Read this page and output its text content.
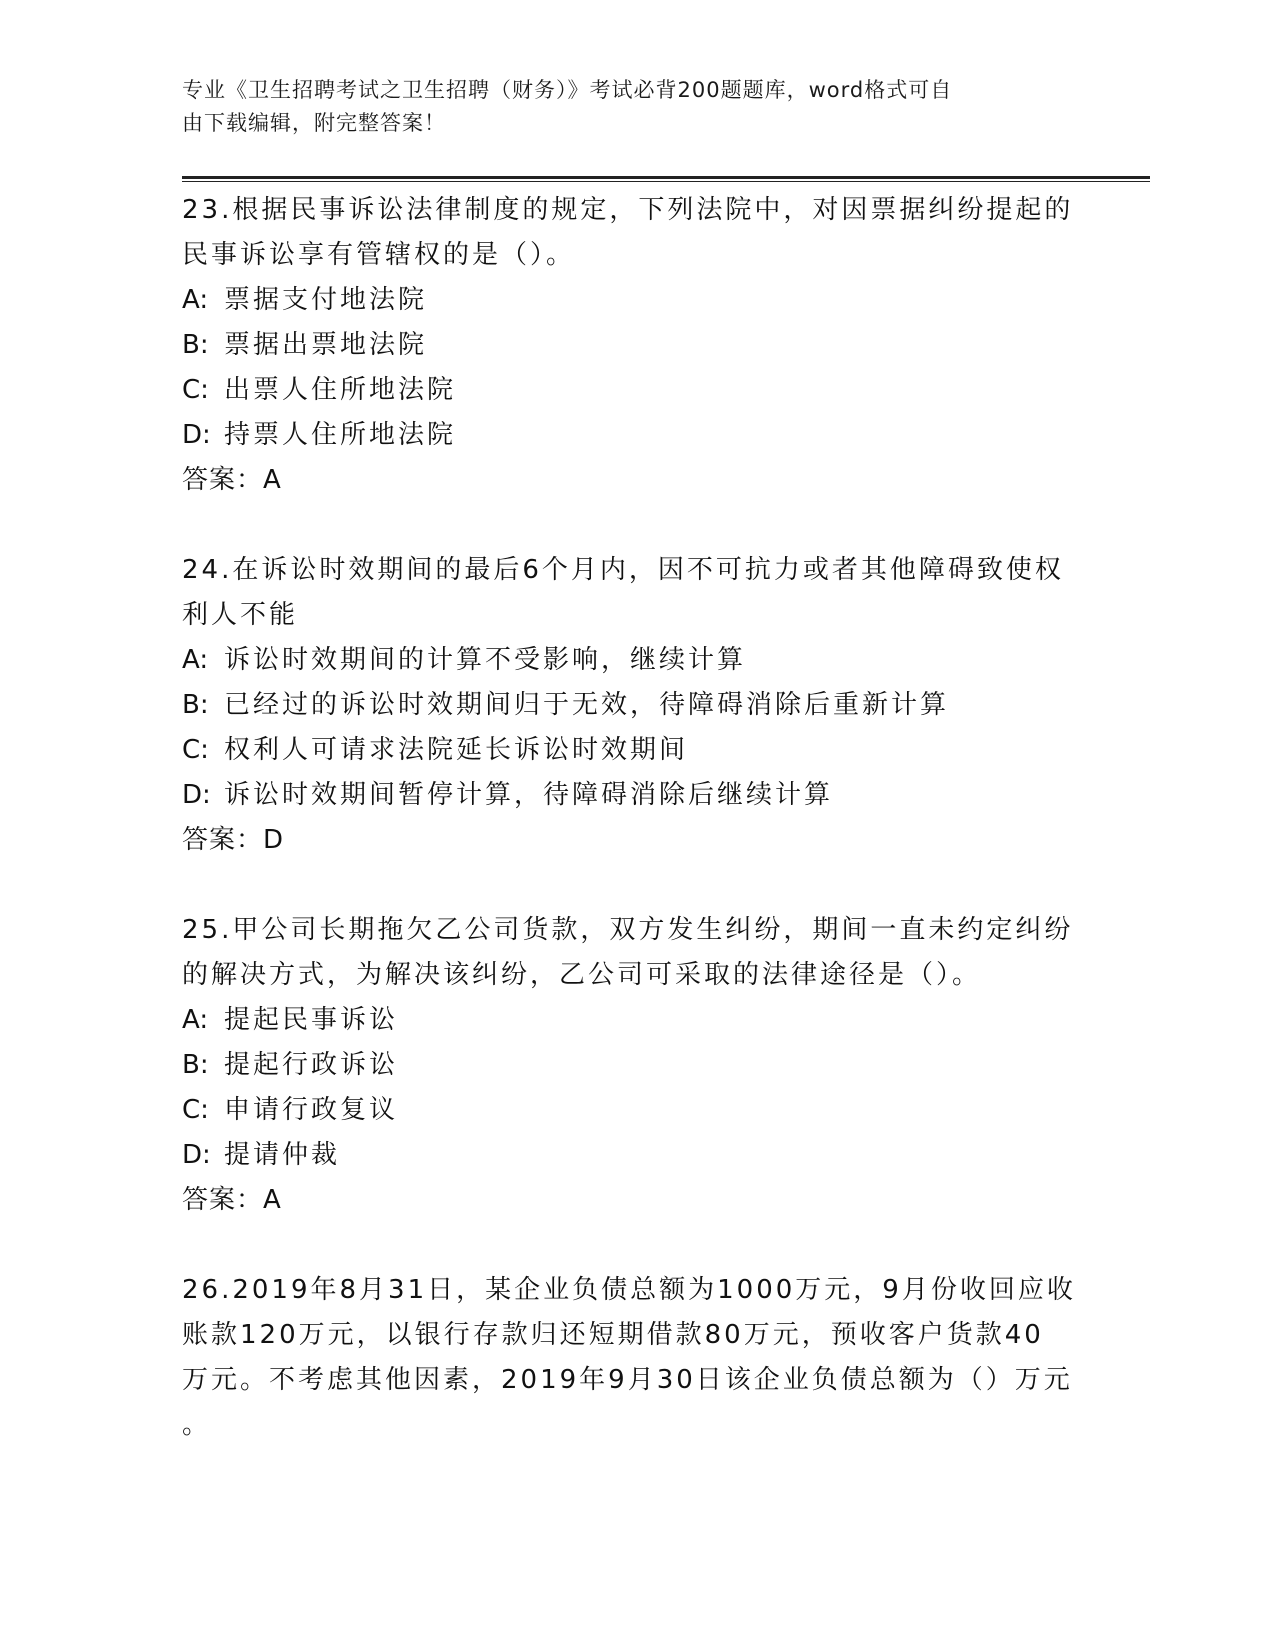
专业《卫生招聘考试之卫生招聘（财务）》考试必背200题题库，word格式可自
由下载编辑，附完整答案！

23.根据民事诉讼法律制度的规定，下列法院中，对因票据纠纷提起的

民事诉讼享有管辖权的是（）。

A: 票据支付地法院

B: 票据出票地法院

C: 出票人住所地法院

D: 持票人住所地法院

答案：A

24.在诉讼时效期间的最后6个月内，因不可抗力或者其他障碍致使权

利人不能

A: 诉讼时效期间的计算不受影响，继续计算

B: 已经过的诉讼时效期间归于无效，待障碍消除后重新计算

C: 权利人可请求法院延长诉讼时效期间

D: 诉讼时效期间暂停计算，待障碍消除后继续计算

答案：D

25.甲公司长期拖欠乙公司货款，双方发生纠纷，期间一直未约定纠纷

的解决方式，为解决该纠纷，乙公司可采取的法律途径是（）。

A: 提起民事诉讼

B: 提起行政诉讼

C: 申请行政复议

D: 提请仲裁

答案：A

26.2019年8月31日，某企业负债总额为1000万元，9月份收回应收

账款120万元，以银行存款归还短期借款80万元，预收客户货款40

万元。不考虑其他因素，2019年9月30日该企业负债总额为（）万元

。
